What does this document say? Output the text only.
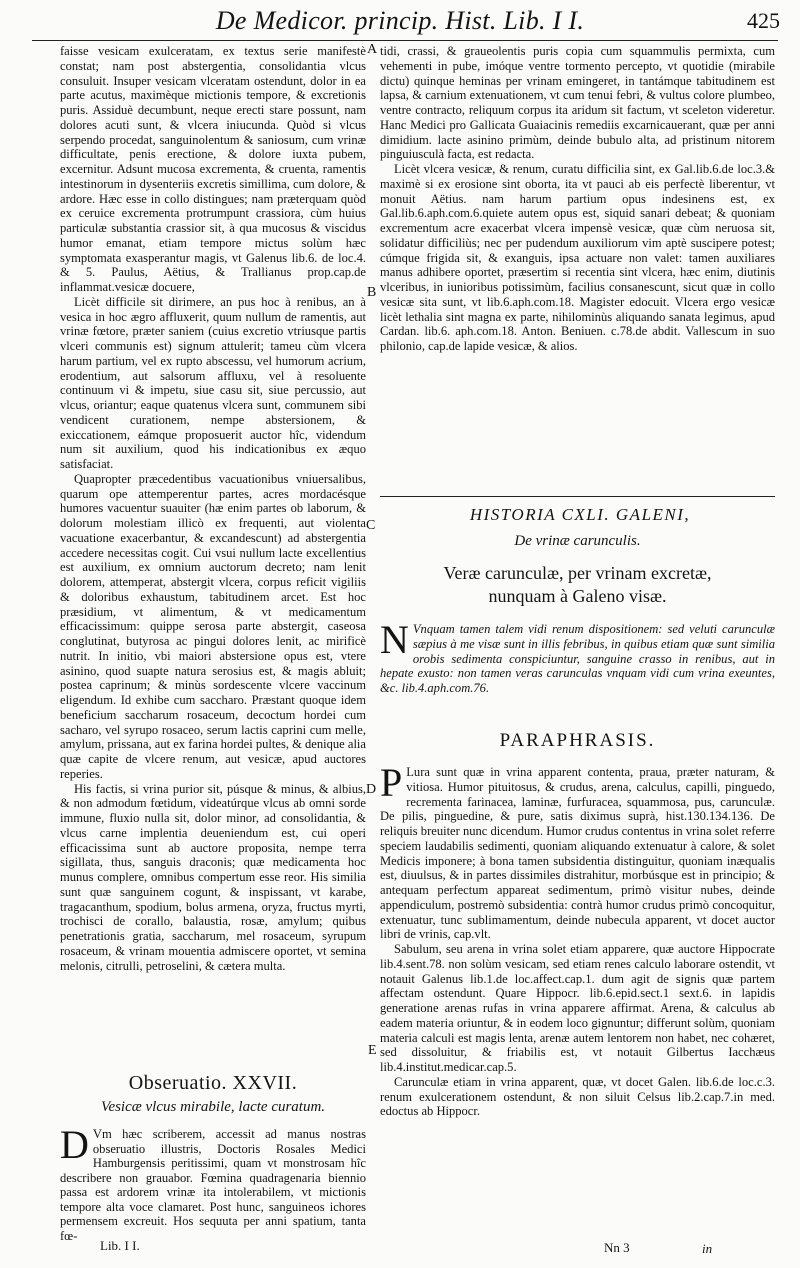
De Medicor. princip. Hist. Lib. I I.	425
A
B
C
D
E

faisse vesicam exulceratam, ex textus serie manifestè constat; nam post abstergentia, consolidantia vlcus consuluit. Insuper vesicam vlceratam ostendunt, dolor in ea parte acutus, maximèque mictionis tempore, & excretionis puris. Assiduè decumbunt, neque erecti stare possunt, nam dolores acuti sunt, & vlcera iniucunda. Quòd si vlcus serpendo procedat, sanguinolentum & saniosum, cum vrinæ difficultate, penis erectione, & dolore iuxta pubem, excernitur. Adsunt mucosa excrementa, & cruenta, ramentis intestinorum in dysenteriis excretis simillima, cum dolore, & ardore. Hæc esse in collo distingues; nam præterquam quòd ex ceruice excrementa protrumpunt crassiora, cùm huius particulæ substantia crassior sit, à qua mucosus & viscidus humor emanat, etiam tempore mictus solùm hæc symptomata exasperantur magis, vt Galenus lib.6. de loc.4. & 5. Paulus, Aëtius, & Trallianus prop.cap.de inflammat.vesicæ docuere,

Licèt difficile sit dirimere, an pus hoc à renibus, an à vesica in hoc ægro affluxerit, quum nullum de ramentis, aut vrinæ fœtore, præter saniem (cuius excretio vtriusque partis vlceri communis est) signum attulerit; tameu cùm vlcera harum partium, vel ex rupto abscessu, vel humorum acrium, erodentium, aut salsorum affluxu, vel à resoluente continuum vi & impetu, siue casu sit, siue percussio, aut vlcus, oriantur; eaque quatenus vlcera sunt, communem sibi vendicent curationem, nempe abstersionem, & exiccationem, eámque proposuerit auctor hîc, videndum num sit auxilium, quod his indicationibus ex æquo satisfaciat.

Quapropter præcedentibus vacuationibus vniuersalibus, quarum ope attemperentur partes, acres mordacésque humores vacuentur suauiter (hæ enim partes ob laborum, & dolorum molestiam illicò ex frequenti, aut violenta vacuatione exacerbantur, & excandescunt) ad abstergentia accedere necessitas cogit. Cui vsui nullum lacte excellentius est auxilium, ex omnium auctorum decreto; nam lenit dolorem, attemperat, abstergit vlcera, corpus reficit vigiliis & doloribus exhaustum, tabitudinem arcet. Est hoc præsidium, vt alimentum, & vt medicamentum efficacissimum: quippe serosa parte abstergit, caseosa conglutinat, butyrosa ac pingui dolores lenit, ac mirificè nutrit. In initio, vbi maiori abstersione opus est, vtere asinino, quod suapte natura serosius est, & magis abluit; postea caprinum; & minùs sordescente vlcere vaccinum eligendum. Id exhibe cum saccharo. Præstant quoque idem beneficium saccharum rosaceum, decoctum hordei cum sacharo, vel syrupo rosaceo, serum lactis caprini cum melle, amylum, prissana, aut ex farina hordei pultes, & denique alia quæ capite de vlcere renum, aut vesicæ, apud auctores reperies.

His factis, si vrina purior sit, púsque & minus, & albius, & non admodum fœtidum, videatúrque vlcus ab omni sorde immune, fluxio nulla sit, dolor minor, ad consolidantia, & vlcus carne implentia deueniendum est, cui operi efficacissima sunt ab auctore proposita, nempe terra sigillata, thus, sanguis draconis; quæ medicamenta hoc munus complere, omnibus compertum esse reor. His similia sunt quæ sanguinem cogunt, & inspissant, vt karabe, tragacanthum, spodium, bolus armena, oryza, fructus myrti, trochisci de corallo, balaustia, rosæ, amylum; quibus penetrationis gratia, saccharum, mel rosaceum, syrupum rosaceum, & vrinam mouentia admiscere oportet, vt semina melonis, citrulli, petroselini, & cætera multa.

Obseruatio. XXVII.
Vesicæ vlcus mirabile, lacte curatum.

D Vm hæc scriberem, accessit ad manus nostras obseruatio illustris, Doctoris Rosales Medici Hamburgensis peritissimi, quam vt monstrosam hîc describere non grauabor. Fœmina quadragenaria biennio passa est ardorem vrinæ ita intolerabilem, vt mictionis tempore alta voce clamaret. Post hunc, sanguineos ichores permensem excreuit. Hos sequuta per anni spatium, tanta fœ-

tidi, crassi, & graueolentis puris copia cum squammulis permixta, cum vehementi in pube, imóque ventre tormento percepto, vt quotidie (mirabile dictu) quinque heminas per vrinam emingeret, in tantámque tabitudinem est lapsa, & carnium extenuationem, vt cum tenui febri, & vultus colore plumbeo, ventre contracto, reliquum corpus ita aridum sit factum, vt sceleton videretur. Hanc Medici pro Gallicata Guaiacinis remediis excarnicauerant, quæ per anni dimidium. lacte asinino primùm, deinde bubulo alta, ad pristinum nitorem pinguiusculà facta, est redacta.

Licèt vlcera vesicæ, & renum, curatu difficilia sint, ex Gal.lib.6.de loc.3.& maximè si ex erosione sint oborta, ita vt pauci ab eis perfectè liberentur, vt monuit Aëtius. nam harum partium opus indesinens est, ex Gal.lib.6.aph.com.6.quiete autem opus est, siquid sanari debeat; & quoniam excrementum acre exacerbat vlcera impensè vesicæ, quæ cùm neruosa sit, solidatur difficiliùs; nec per pudendum auxiliorum vim aptè suscipere potest; cúmque frigida sit, & exanguis, ipsa actuare non valet: tamen auxiliares manus adhibere oportet, præsertim si recentia sint vlcera, hæc enim, diutinis vlceribus, in iunioribus potissimùm, facilius consanescunt, sicut quæ in collo vesicæ sita sunt, vt lib.6.aph.com.18. Magister edocuit. Vlcera ergo vesicæ licèt lethalia sint magna ex parte, nihilominùs aliquando sanata legimus, apud Cardan. lib.6. aph.com.18. Anton. Beniuen. c.78.de abdit. Vallescum in suo philonio, cap.de lapide vesicæ, & alios.

HISTORIA CXLI. GALENI,
De vrinæ carunculis.
Veræ carunculæ, per vrinam excretæ,
nunquam à Galeno visæ.

N Vnquam tamen talem vidi renum dispositionem: sed veluti carunculæ sæpius à me visæ sunt in illis febribus, in quibus etiam quæ sunt similia orobis sedimenta conspiciuntur, sanguine crasso in renibus, aut in hepate exusto: non tamen veras carunculas vnquam vidi cum vrina exeuntes, &c. lib.4.aph.com.76.

PARAPHRASIS.

P Lura sunt quæ in vrina apparent contenta, praua, præter naturam, & vitiosa. Humor pituitosus, & crudus, arena, calculus, capilli, pinguedo, recrementa farinacea, laminæ, furfuracea, squammosa, pus, carunculæ. De pilis, pinguedine, & pure, satis diximus suprà, hist.130.134.136. De reliquis breuiter nunc dicendum. Humor crudus contentus in vrina solet referre speciem laudabilis sedimenti, quoniam aliquando extenuatur à calore, & solet Medicis imponere; à bona tamen subsidentia distinguitur, quoniam inæqualis est, diuulsus, & in partes dissimiles distrahitur, morbúsque est in principio; & antequam perfectum appareat sedimentum, primò visitur nubes, deinde appendiculum, postremò subsidentia: contrà humor crudus primò concoquitur, extenuatur, tunc sublimamentum, deinde nubecula apparent, vt docet auctor libri de vrinis, cap.vlt.

Sabulum, seu arena in vrina solet etiam apparere, quæ auctore Hippocrate lib.4.sent.78. non solùm vesicam, sed etiam renes calculo laborare ostendit, vt notauit Galenus lib.1.de loc.affect.cap.1. dum agit de signis quæ partem affectam ostendunt. Quare Hippocr. lib.6.epid.sect.1 sext.6. in lapidis generatione arenas rufas in vrina apparere affirmat. Arena, & calculus ab eadem materia oriuntur, & in eodem loco gignuntur; differunt solùm, quoniam materia calculi est magis lenta, arenæ autem lentorem non habet, nec cohæret, sed dissoluitur, & friabilis est, vt notauit Gilbertus Iacchæus lib.4.institut.medicar.cap.5.

Carunculæ etiam in vrina apparent, quæ, vt docet Galen. lib.6.de loc.c.3. renum exulcerationem ostendunt, & non siluit Celsus lib.2.cap.7.in med. edoctus ab Hippocr.

Lib. I I.	Nn 3	in
